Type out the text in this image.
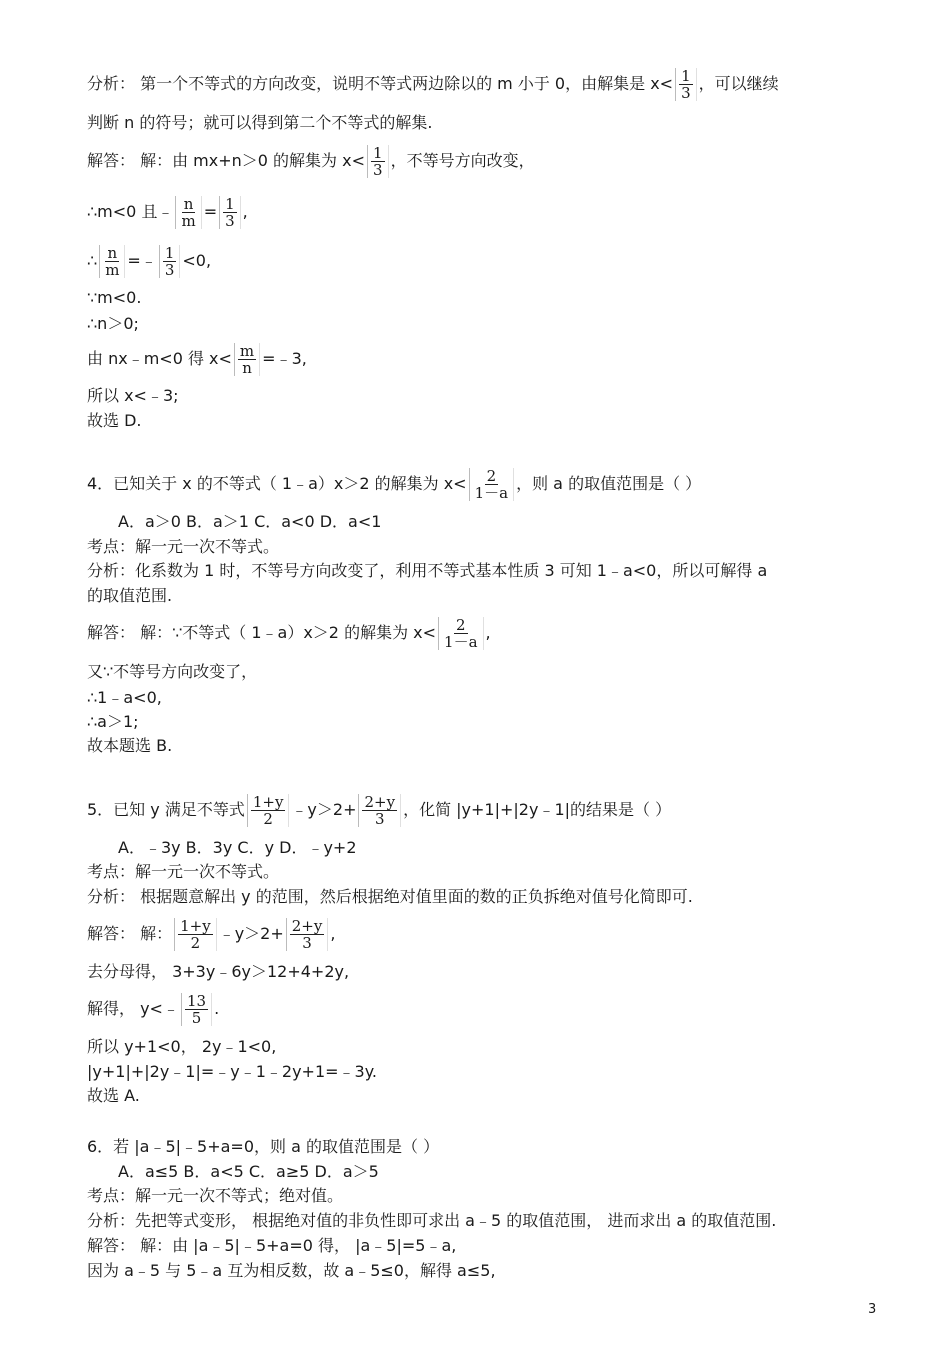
分析： 第一个不等式的方向改变，说明不等式两边除以的 m 小于 0，由解集是 $x< \frac{1}{3}$ ，可以继续
判断 n 的符号；就可以得到第二个不等式的解集.
解答： 解：由 mx+n＞0 的解集为 $x< \frac{1}{3}$ ，不等号方向改变，
∴m<0 且﹣ $\frac{n}{m} = \frac{1}{3}$ ,
∴ $\frac{n}{m}$ =﹣ $\frac{1}{3} <0$,
∵m<0.
∴n＞0;
由 nx﹣m<0 得 $x< \frac{m}{n}$ =﹣3,
所以 x<﹣3;
故选 D.
4．已知关于 x 的不等式（ 1﹣a）x＞2 的解集为 $x< \frac{2}{1-a}$ ，则 a 的取值范围是（ ）
A．a＞0 B．a＞1 C．a<0 D．a<1
考点：解一元一次不等式。
分析：化系数为 1 时，不等号方向改变了，利用不等式基本性质 3 可知 1﹣a<0，所以可解得 a
的取值范围.
解答： 解：∵不等式（ 1﹣a）x＞2 的解集为 $x< \frac{2}{1-a}$ ,
又∵不等号方向改变了，
∴1﹣a<0,
∴a＞1;
故本题选 B.
5．已知 y 满足不等式 $\frac{1+y}{2}$ ﹣y＞2+ $\frac{2+y}{3}$ ，化简 |y+1|+|2y﹣1|的结果是（ ）
A．﹣3y B．3y C．y D．﹣y+2
考点：解一元一次不等式。
分析： 根据题意解出 y 的范围，然后根据绝对值里面的数的正负拆绝对值号化简即可.
解答： 解： $\frac{1+y}{2}$ ﹣y＞2+ $\frac{2+y}{3}$ ,
去分母得， 3+3y﹣6y＞12+4+2y,
解得， y<﹣ $\frac{13}{5}$ .
所以 y+1<0， 2y﹣1<0,
|y+1|+|2y﹣1|=﹣y﹣1﹣2y+1=﹣3y.
故选 A.
6．若 |a﹣5|﹣5+a=0，则 a 的取值范围是（ ）
A．a≤5 B．a<5 C．a≥5 D．a＞5
考点：解一元一次不等式；绝对值。
分析：先把等式变形， 根据绝对值的非负性即可求出 a﹣5 的取值范围， 进而求出 a 的取值范围.
解答： 解：由 |a﹣5|﹣5+a=0 得， |a﹣5|=5﹣a,
因为 a﹣5 与 5﹣a 互为相反数，故 a﹣5≤0，解得 a≤5,
3
